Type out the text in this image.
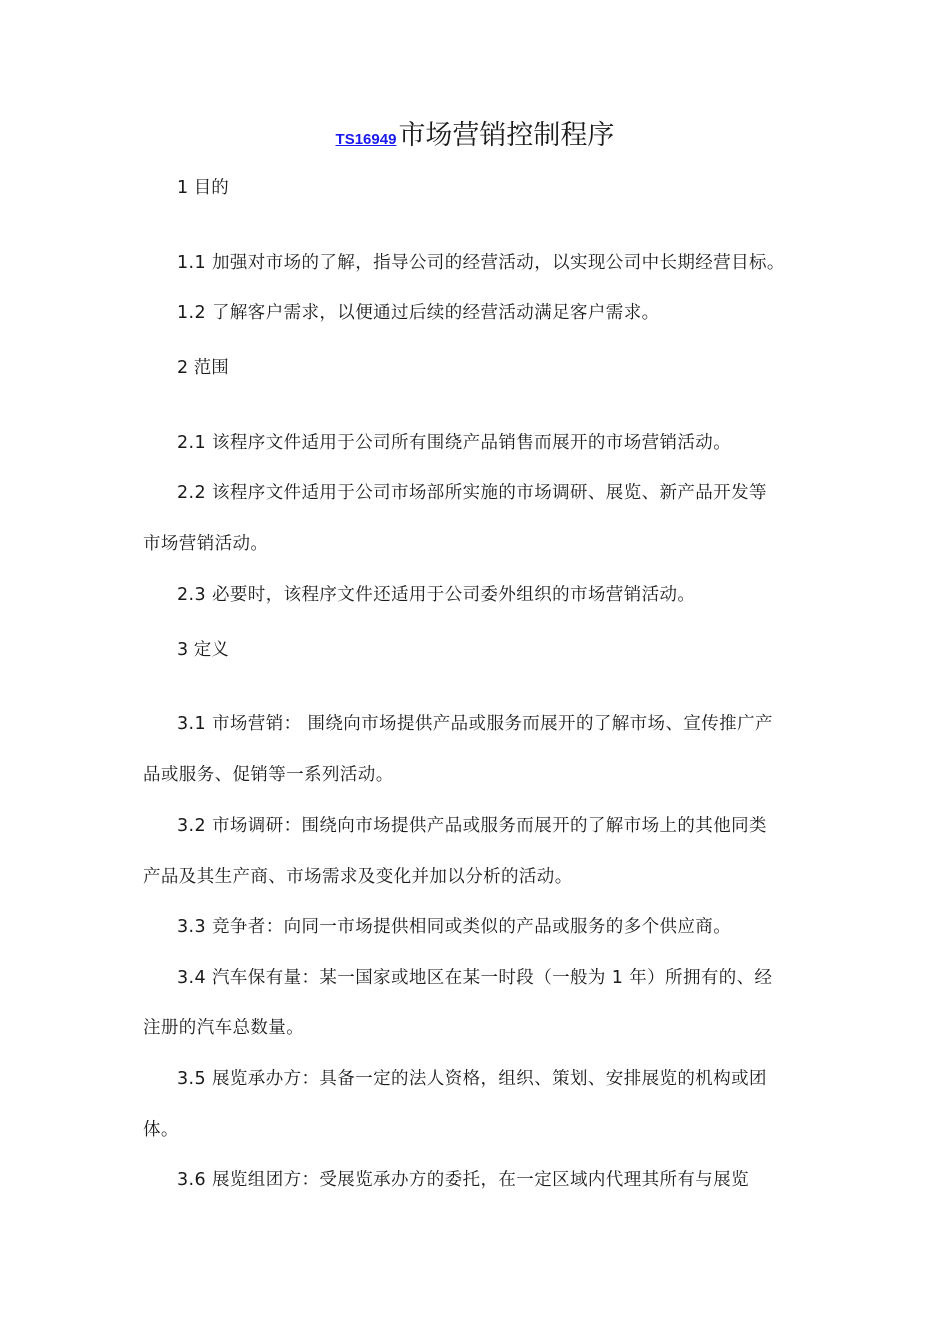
TS16949市场营销控制程序
1 目的
1.1 加强对市场的了解，指导公司的经营活动，以实现公司中长期经营目标。
1.2 了解客户需求，以便通过后续的经营活动满足客户需求。
2 范围
2.1 该程序文件适用于公司所有围绕产品销售而展开的市场营销活动。
2.2 该程序文件适用于公司市场部所实施的市场调研、展览、新产品开发等
市场营销活动。
2.3 必要时，该程序文件还适用于公司委外组织的市场营销活动。
3 定义
3.1 市场营销： 围绕向市场提供产品或服务而展开的了解市场、宣传推广产
品或服务、促销等一系列活动。
3.2 市场调研：围绕向市场提供产品或服务而展开的了解市场上的其他同类
产品及其生产商、市场需求及变化并加以分析的活动。
3.3 竞争者：向同一市场提供相同或类似的产品或服务的多个供应商。
3.4 汽车保有量：某一国家或地区在某一时段（一般为 1 年）所拥有的、经
注册的汽车总数量。
3.5 展览承办方：具备一定的法人资格，组织、策划、安排展览的机构或团
体。
3.6 展览组团方：受展览承办方的委托，在一定区域内代理其所有与展览
